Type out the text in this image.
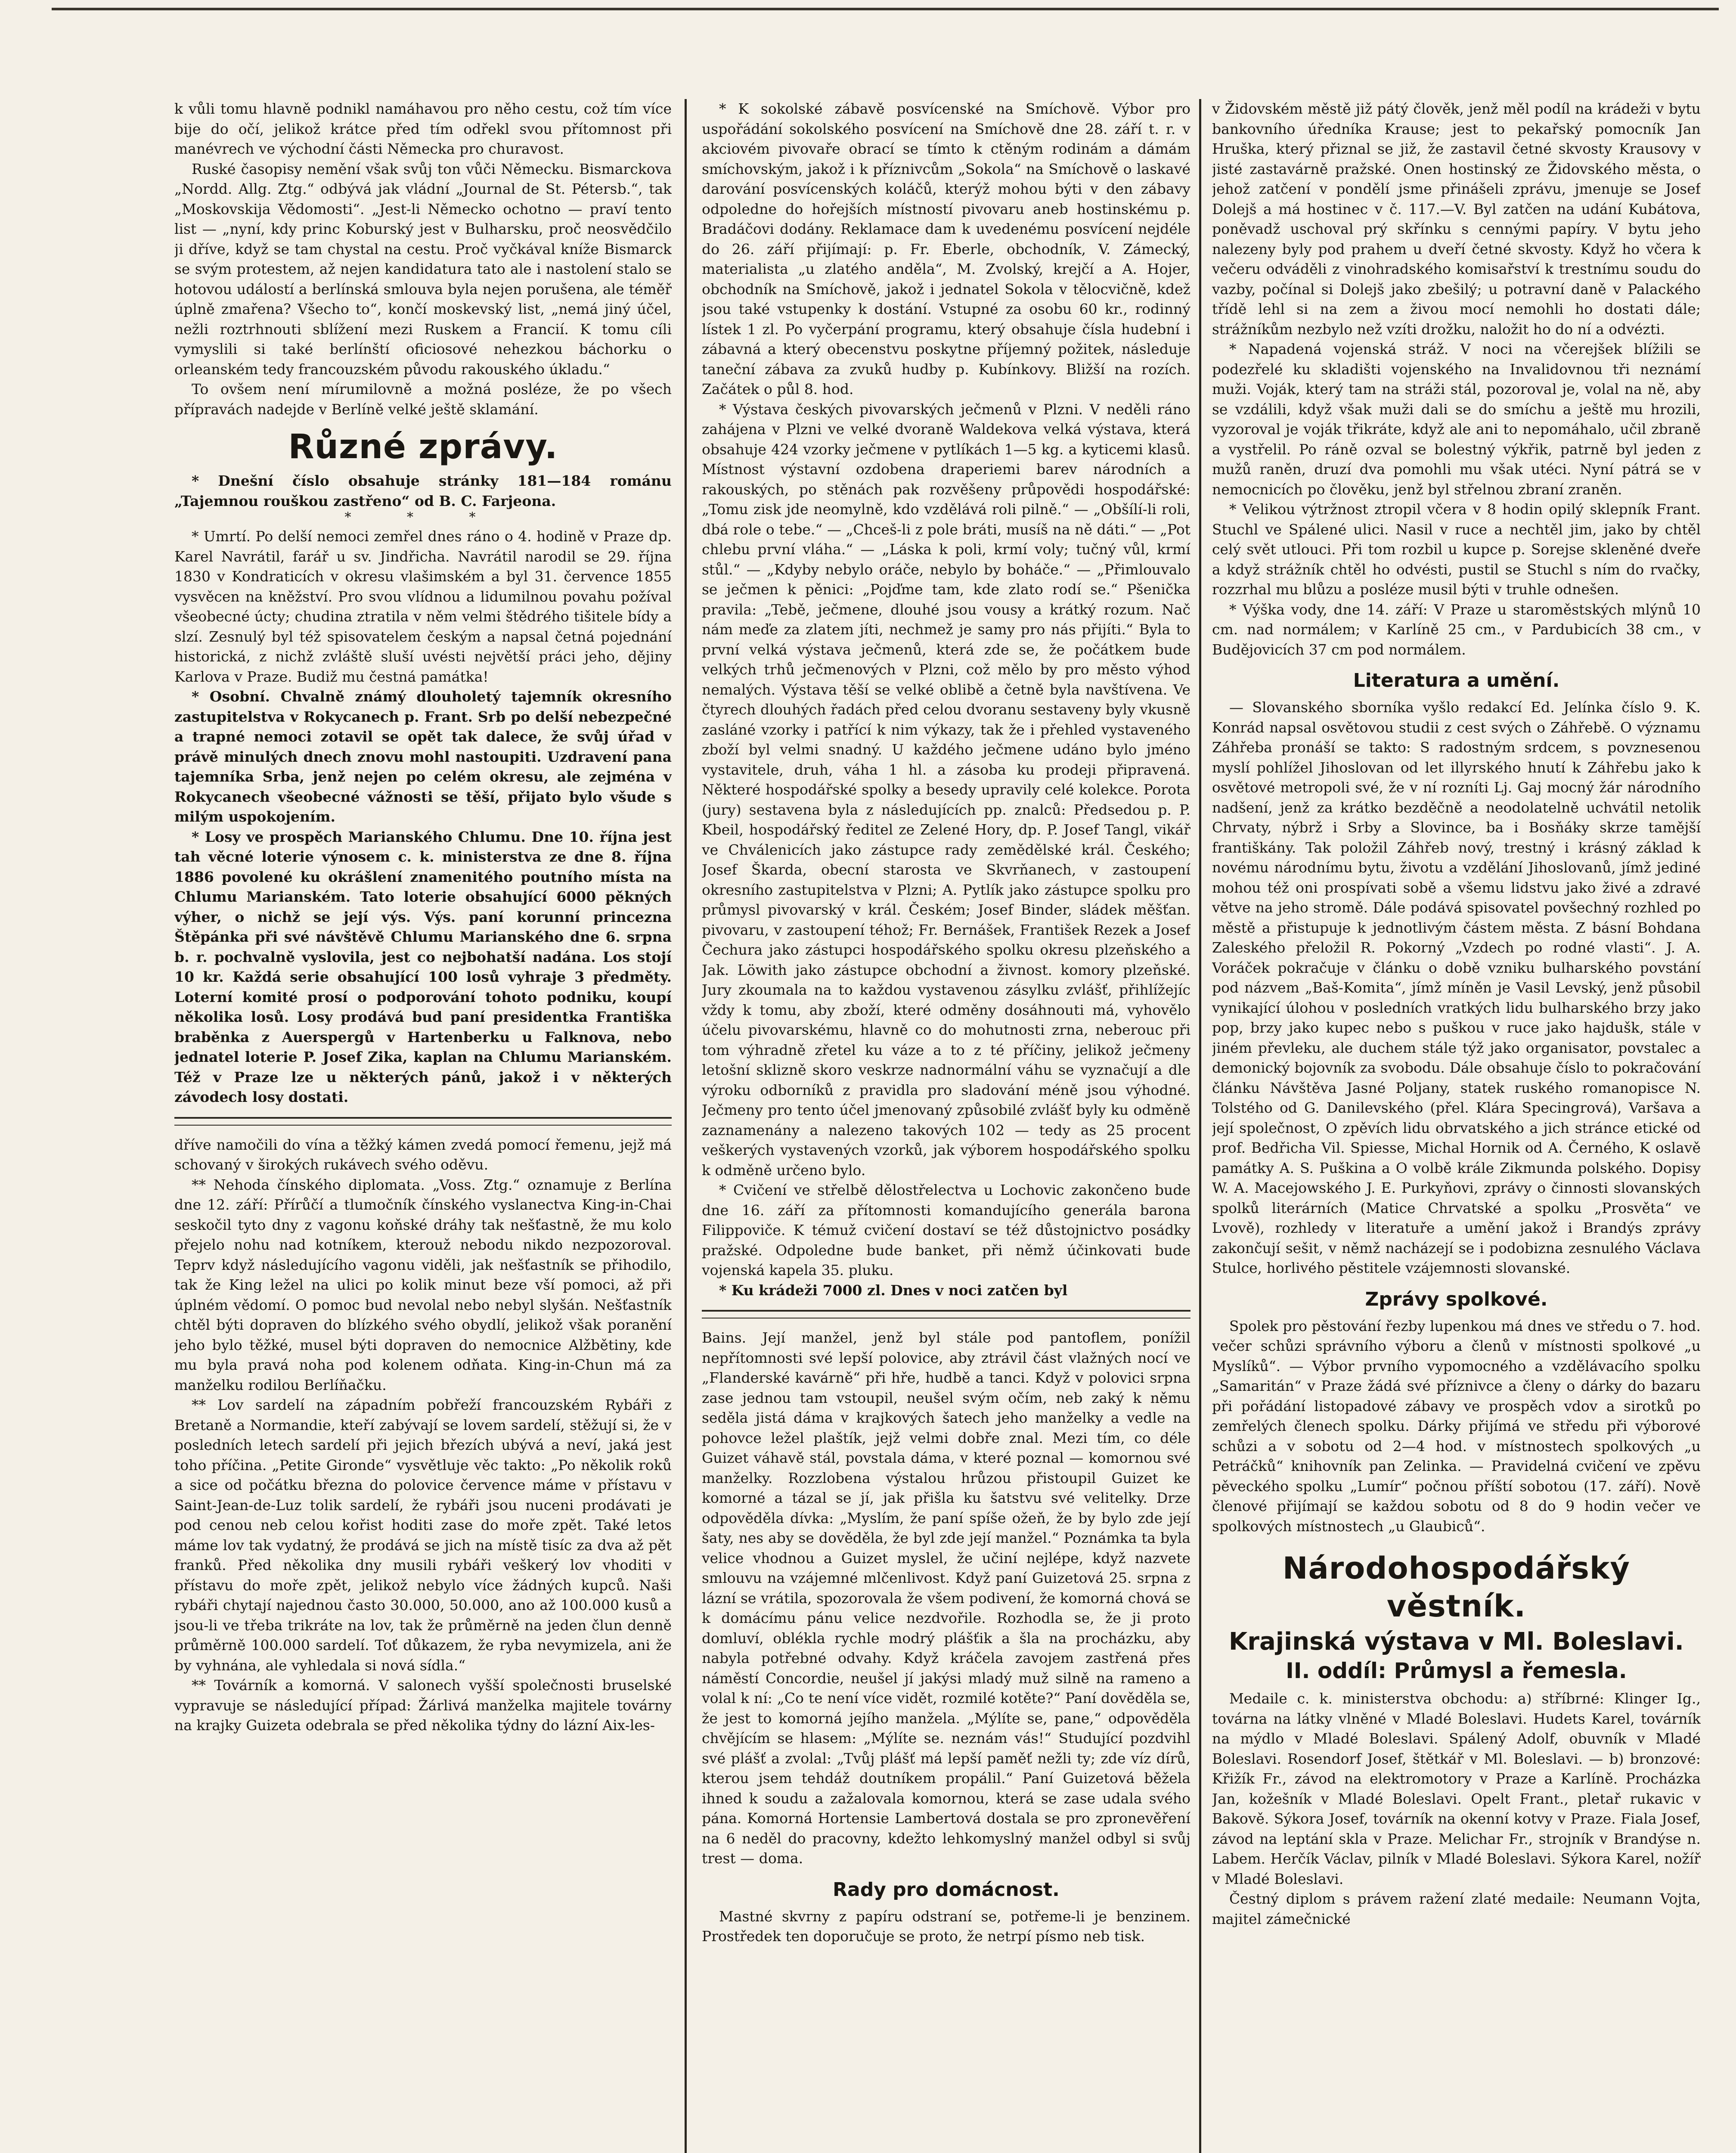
k vůli tomu hlavně podnikl namáhavou pro něho cestu, což tím více bije do očí, jelikož krátce před tím odřekl svou přítomnost při manévrech ve východní části Německa pro churavost.

Ruské časopisy nemění však svůj ton vůči Německu. Bismarckova „Nordd. Allg. Ztg.“ odbývá jak vládní „Journal de St. Pétersb.“, tak „Moskovskija Vědomosti“. „Jest-li Německo ochotno — praví tento list — „nyní, kdy princ Koburský jest v Bulharsku, proč neosvědčilo ji dříve, když se tam chystal na cestu. Proč vyčkával kníže Bismarck se svým protestem, až nejen kandidatura tato ale i nastolení stalo se hotovou událostí a berlínská smlouva byla nejen porušena, ale téměř úplně zmařena? Všecho to“, končí moskevský list, „nemá jiný účel, nežli roztrhnouti sblížení mezi Ruskem a Francií. K tomu cíli vymyslili si také berlínští oficiosové nehezkou báchorku o orleanském tedy francouzském původu rakouského úkladu.“

To ovšem není mírumilovně a možná posléze, že po všech přípravách nadejde v Berlíně velké ještě sklamání.

Různé zprávy.

* Dnešní číslo obsahuje stránky 181—184 románu „Tajemnou rouškou zastřeno“ od B. C. Farjeona.

* * *

* Umrtí. Po delší nemoci zemřel dnes ráno o 4. hodině v Praze dp. Karel Navrátil, farář u sv. Jindřicha. Navrátil narodil se 29. října 1830 v Kondraticích v okresu vlašimském a byl 31. července 1855 vysvěcen na kněžství. Pro svou vlídnou a lidumilnou povahu požíval všeobecné úcty; chudina ztratila v něm velmi štědrého tišitele bídy a slzí. Zesnulý byl též spisovatelem českým a napsal četná pojednání historická, z nichž zvláště sluší uvésti největší práci jeho, dějiny Karlova v Praze. Budiž mu čestná památka!

* Osobní. Chvalně známý dlouholetý tajemník okresního zastupitelstva v Rokycanech p. Frant. Srb po delší nebezpečné a trapné nemoci zotavil se opět tak dalece, že svůj úřad v právě minulých dnech znovu mohl nastoupiti. Uzdravení pana tajemníka Srba, jenž nejen po celém okresu, ale zejména v Rokycanech všeobecné vážnosti se těší, přijato bylo všude s milým uspokojením.

* Losy ve prospěch Marianského Chlumu. Dne 10. října jest tah věcné loterie výnosem c. k. ministerstva ze dne 8. října 1886 povolené ku okrášlení znamenitého poutního místa na Chlumu Marianském. Tato loterie obsahující 6000 pěkných výher, o nichž se její výs. Výs. paní korunní princezna Štěpánka při své návštěvě Chlumu Marianského dne 6. srpna b. r. pochvalně vyslovila, jest co nejbohatší nadána. Los stojí 10 kr. Každá serie obsahující 100 losů vyhraje 3 předměty. Loterní komité prosí o podporování tohoto podniku, koupí několika losů. Losy prodává bud paní presidentka Františka braběnka z Auerspergů v Hartenberku u Falknova, nebo jednatel loterie P. Josef Zika, kaplan na Chlumu Marianském. Též v Praze lze u některých pánů, jakož i v některých závodech losy dostati.

dříve namočili do vína a těžký kámen zvedá pomocí řemenu, jejž má schovaný v širokých rukávech svého oděvu.

** Nehoda čínského diplomata. „Voss. Ztg.“ oznamuje z Berlína dne 12. září: Přírůčí a tlumočník čínského vyslanectva King-in-Chai seskočil tyto dny z vagonu koňské dráhy tak nešťastně, že mu kolo přejelo nohu nad kotníkem, kterouž nebodu nikdo nezpozoroval. Teprv když následujícího vagonu viděli, jak nešťastník se přihodilo, tak že King ležel na ulici po kolik minut beze vší pomoci, až při úplném vědomí. O pomoc bud nevolal nebo nebyl slyšán. Nešťastník chtěl býti dopraven do blízkého svého obydlí, jelikož však poranění jeho bylo těžké, musel býti dopraven do nemocnice Alžbětiny, kde mu byla pravá noha pod kolenem odňata. King-in-Chun má za manželku rodilou Berlíňačku.

** Lov sardelí na západním pobřeží francouzském Rybáři z Bretaně a Normandie, kteří zabývají se lovem sardelí, stěžují si, že v posledních letech sardelí při jejich březích ubývá a neví, jaká jest toho příčina. „Petite Gironde“ vysvětluje věc takto: „Po několik roků a sice od počátku března do polovice července máme v přístavu v Saint-Jean-de-Luz tolik sardelí, že rybáři jsou nuceni prodávati je pod cenou neb celou kořist hoditi zase do moře zpět. Také letos máme lov tak vydatný, že prodává se jich na místě tisíc za dva až pět franků. Před několika dny musili rybáři veškerý lov vhoditi v přístavu do moře zpět, jelikož nebylo více žádných kupců. Naši rybáři chytají najednou často 30.000, 50.000, ano až 100.000 kusů a jsou-li ve třeba trikráte na lov, tak že průměrně na jeden člun denně průměrně 100.000 sardelí. Toť důkazem, že ryba nevymizela, ani že by vyhnána, ale vyhledala si nová sídla.“

** Továrník a komorná. V salonech vyšší společnosti bruselské vypravuje se následující případ: Žárlivá manželka majitele továrny na krajky Guizeta odebrala se před několika týdny do lázní Aix-les-

* K sokolské zábavě posvícenské na Smíchově. Výbor pro uspořádání sokolského posvícení na Smíchově dne 28. září t. r. v akciovém pivovaře obrací se tímto k ctěným rodinám a dámám smíchovským, jakož i k příznivcům „Sokola“ na Smíchově o laskavé darování posvícenských koláčů, kterýž mohou býti v den zábavy odpoledne do hořejších místností pivovaru aneb hostinskému p. Bradáčovi dodány. Reklamace dam k uvedenému posvícení nejdéle do 26. září přijímají: p. Fr. Eberle, obchodník, V. Zámecký, materialista „u zlatého anděla“, M. Zvolský, krejčí a A. Hojer, obchodník na Smíchově, jakož i jednatel Sokola v tělocvičně, kdež jsou také vstupenky k dostání. Vstupné za osobu 60 kr., rodinný lístek 1 zl. Po vyčerpání programu, který obsahuje čísla hudební i zábavná a který obecenstvu poskytne příjemný požitek, následuje taneční zábava za zvuků hudby p. Kubínkovy. Bližší na rozích. Začátek o půl 8. hod.

* Výstava českých pivovarských ječmenů v Plzni. V neděli ráno zahájena v Plzni ve velké dvoraně Waldekova velká výstava, která obsahuje 424 vzorky ječmene v pytlíkách 1—5 kg. a kyticemi klasů. Místnost výstavní ozdobena draperiemi barev národních a rakouských, po stěnách pak rozvěšeny průpovědi hospodářské: „Tomu zisk jde neomylně, kdo vzdělává roli pilně.“ — „Obšílí-li roli, dbá role o tebe.“ — „Chceš-li z pole bráti, musíš na ně dáti.“ — „Pot chlebu první vláha.“ — „Láska k poli, krmí voly; tučný vůl, krmí stůl.“ — „Kdyby nebylo oráče, nebylo by boháče.“ — „Přimlouvalo se ječmen k pěnici: „Pojďme tam, kde zlato rodí se.“ Pšenička pravila: „Tebě, ječmene, dlouhé jsou vousy a krátký rozum. Nač nám meďe za zlatem jíti, nechmež je samy pro nás přijíti.“ Byla to první velká výstava ječmenů, která zde se, že počátkem bude velkých trhů ječmenových v Plzni, což mělo by pro město výhod nemalých. Výstava těší se velké oblibě a četně byla navštívena. Ve čtyrech dlouhých řadách před celou dvoranu sestaveny byly vkusně zasláné vzorky i patřící k nim výkazy, tak že i přehled vystaveného zboží byl velmi snadný. U každého ječmene udáno bylo jméno vystavitele, druh, váha 1 hl. a zásoba ku prodeji připravená. Některé hospodářské spolky a besedy upravily celé kolekce. Porota (jury) sestavena byla z následujících pp. znalců: Předsedou p. P. Kbeil, hospodářský ředitel ze Zelené Hory, dp. P. Josef Tangl, vikář ve Chválenicích jako zástupce rady zemědělské král. Českého; Josef Škarda, obecní starosta ve Skvrňanech, v zastoupení okresního zastupitelstva v Plzni; A. Pytlík jako zástupce spolku pro průmysl pivovarský v král. Českém; Josef Binder, sládek měšťan. pivovaru, v zastoupení téhož; Fr. Bernášek, František Rezek a Josef Čechura jako zástupci hospodářského spolku okresu plzeňského a Jak. Löwith jako zástupce obchodní a živnost. komory plzeňské. Jury zkoumala na to každou vystavenou zásylku zvlášť, přihlížejíc vždy k tomu, aby zboží, které odměny dosáhnouti má, vyhovělo účelu pivovarskému, hlavně co do mohutnosti zrna, neberouc při tom výhradně zřetel ku váze a to z té příčiny, jelikož ječmeny letošní sklizně skoro veskrze nadnormální váhu se vyznačují a dle výroku odborníků z pravidla pro sladování méně jsou výhodné. Ječmeny pro tento účel jmenovaný způsobilé zvlášť byly ku odměně zaznamenány a nalezeno takových 102 — tedy as 25 procent veškerých vystavených vzorků, jak výborem hospodářského spolku k odměně určeno bylo.

* Cvičení ve střelbě dělostřelectva u Lochovic zakončeno bude dne 16. září za přítomnosti komandujícího generála barona Filippoviče. K témuž cvičení dostaví se též důstojnictvo posádky pražské. Odpoledne bude banket, při němž účinkovati bude vojenská kapela 35. pluku.

* Ku krádeži 7000 zl. Dnes v noci zatčen byl

Bains. Její manžel, jenž byl stále pod pantoflem, ponížil nepřítomnosti své lepší polovice, aby ztrávil část vlažných nocí ve „Flanderské kavárně“ při hře, hudbě a tanci. Když v polovici srpna zase jednou tam vstoupil, neušel svým očím, neb zaký k němu seděla jistá dáma v krajkových šatech jeho manželky a vedle na pohovce ležel plaštík, jejž velmi dobře znal. Mezi tím, co déle Guizet váhavě stál, povstala dáma, v které poznal — komornou své manželky. Rozzlobena výstalou hrůzou přistoupil Guizet ke komorné a tázal se jí, jak přišla ku šatstvu své velitelky. Drze odpověděla dívka: „Myslím, že paní spíše ožeň, že by bylo zde její šaty, nes aby se dověděla, že byl zde její manžel.“ Poznámka ta byla velice vhodnou a Guizet myslel, že učiní nejlépe, když nazvete smlouvu na vzájemné mlčenlivost. Když paní Guizetová 25. srpna z lázní se vrátila, spozorovala že všem podivení, že komorná chová se k domácímu pánu velice nezdvořile. Rozhodla se, že ji proto domluví, oblékla rychle modrý plášťik a šla na procházku, aby nabyla potřebné odvahy. Když kráčela zavojem zastřená přes náměstí Concordie, neušel jí jakýsi mladý muž silně na rameno a volal k ní: „Co te není více vidět, rozmilé kotěte?“ Paní dověděla se, že jest to komorná jejího manžela. „Mýlíte se, pane,“ odpověděla chvějícím se hlasem: „Mýlíte se. neznám vás!“ Studující pozdvihl své plášť a zvolal: „Tvůj plášť má lepší paměť nežli ty; zde víz dírů, kterou jsem tehdáž doutníkem propálil.“ Paní Guizetová běžela ihned k soudu a zažalovala komornou, která se zase udala svého pána. Komorná Hortensie Lambertová dostala se pro zpronevěření na 6 neděl do pracovny, kdežto lehkomyslný manžel odbyl si svůj trest — doma.

Rady pro domácnost.

Mastné skvrny z papíru odstraní se, potřeme-li je benzinem. Prostředek ten doporučuje se proto, že netrpí písmo neb tisk.

v Židovském městě již pátý člověk, jenž měl podíl na krádeži v bytu bankovního úředníka Krause; jest to pekařský pomocník Jan Hruška, který přiznal se již, že zastavil četné skvosty Krausovy v jisté zastavárně pražské. Onen hostinský ze Židovského města, o jehož zatčení v pondělí jsme přinášeli zprávu, jmenuje se Josef Dolejš a má hostinec v č. 117.—V. Byl zatčen na udání Kubátova, poněvadž uschoval prý skřínku s cennými papíry. V bytu jeho nalezeny byly pod prahem u dveří četné skvosty. Když ho včera k večeru odváděli z vinohradského komisařství k trestnímu soudu do vazby, počínal si Dolejš jako zbešilý; u potravní daně v Palackého třídě lehl si na zem a živou mocí nemohli ho dostati dále; strážníkům nezbylo než vzíti drožku, naložit ho do ní a odvézti.

* Napadená vojenská stráž. V noci na včerejšek blížili se podezřelé ku skladišti vojenského na Invalidovnou tři neznámí muži. Voják, který tam na stráži stál, pozoroval je, volal na ně, aby se vzdálili, když však muži dali se do smíchu a ještě mu hrozili, vyzoroval je voják třikráte, když ale ani to nepomáhalo, učil zbraně a vystřelil. Po ráně ozval se bolestný výkřik, patrně byl jeden z mužů raněn, druzí dva pomohli mu však utéci. Nyní pátrá se v nemocnicích po člověku, jenž byl střelnou zbraní zraněn.

* Velikou výtržnost ztropil včera v 8 hodin opilý sklepník Frant. Stuchl ve Spálené ulici. Nasil v ruce a nechtěl jim, jako by chtěl celý svět utlouci. Při tom rozbil u kupce p. Sorejse skleněné dveře a když strážník chtěl ho odvésti, pustil se Stuchl s ním do rvačky, rozzrhal mu blůzu a posléze musil býti v truhle odnešen.

* Výška vody, dne 14. září: V Praze u staroměstských mlýnů 10 cm. nad normálem; v Karlíně 25 cm., v Pardubicích 38 cm., v Budějovicích 37 cm pod normálem.

Literatura a umění.

— Slovanského sborníka vyšlo redakcí Ed. Jelínka číslo 9. K. Konrád napsal osvětovou studii z cest svých o Záhřebě. O významu Záhřeba pronáší se takto: S radostným srdcem, s povznesenou myslí pohlížel Jihoslovan od let illyrského hnutí k Záhřebu jako k osvětové metropoli své, že v ní rozníti Lj. Gaj mocný žár národního nadšení, jenž za krátko bezděčně a neodolatelně uchvátil netolik Chrvaty, nýbrž i Srby a Slovince, ba i Bosňáky skrze tamější františkány. Tak položil Záhřeb nový, trestný i krásný základ k novému národnímu bytu, životu a vzdělání Jihoslovanů, jímž jediné mohou též oni prospívati sobě a všemu lidstvu jako živé a zdravé větve na jeho stromě. Dále podává spisovatel povšechný rozhled po městě a přistupuje k jednotlivým částem města. Z básní Bohdana Zaleského přeložil R. Pokorný „Vzdech po rodné vlasti“. J. A. Voráček pokračuje v článku o době vzniku bulharského povstání pod názvem „Baš-Komita“, jímž míněn je Vasil Levský, jenž působil vynikající úlohou v posledních vratkých lidu bulharského brzy jako pop, brzy jako kupec nebo s puškou v ruce jako hajdušk, stále v jiném převleku, ale duchem stále týž jako organisator, povstalec a demonický bojovník za svobodu. Dále obsahuje číslo to pokračování článku Návštěva Jasné Poljany, statek ruského romanopisce N. Tolstého od G. Danilevského (přel. Klára Specingrová), Varšava a její společnost, O zpěvích lidu obrvatského a jich stránce etické od prof. Bedřicha Vil. Spiesse, Michal Hornik od A. Černého, K oslavě památky A. S. Puškina a O volbě krále Zikmunda polského. Dopisy W. A. Macejowského J. E. Purkyňovi, zprávy o činnosti slovanských spolků literárních (Matice Chrvatské a spolku „Prosvěta“ ve Lvově), rozhledy v literatuře a umění jakož i Brandýs zprávy zakončují sešit, v němž nacházejí se i podobizna zesnulého Václava Stulce, horlivého pěstitele vzájemnosti slovanské.

Zprávy spolkové.

Spolek pro pěstování řezby lupenkou má dnes ve středu o 7. hod. večer schůzi správního výboru a členů v místnosti spolkové „u Myslíků“. — Výbor prvního vypomocného a vzdělávacího spolku „Samaritán“ v Praze žádá své příznivce a členy o dárky do bazaru při pořádání listopadové zábavy ve prospěch vdov a sirotků po zemřelých členech spolku. Dárky přijímá ve středu při výborové schůzi a v sobotu od 2—4 hod. v místnostech spolkových „u Petráčků“ knihovník pan Zelinka. — Pravidelná cvičení ve zpěvu pěveckého spolku „Lumír“ počnou příští sobotou (17. září). Nově členové přijímají se každou sobotu od 8 do 9 hodin večer ve spolkových místnostech „u Glaubiců“.

Národohospodářský věstník.
Krajinská výstava v Ml. Boleslavi.
II. oddíl: Průmysl a řemesla.

Medaile c. k. ministerstva obchodu: a) stříbrné: Klinger Ig., továrna na látky vlněné v Mladé Boleslavi. Hudets Karel, továrník na mýdlo v Mladé Boleslavi. Spálený Adolf, obuvník v Mladé Boleslavi. Rosendorf Josef, štětkář v Ml. Boleslavi. — b) bronzové: Křižík Fr., závod na elektromotory v Praze a Karlíně. Procházka Jan, kožešník v Mladé Boleslavi. Opelt Frant., pletař rukavic v Bakově. Sýkora Josef, továrník na okenní kotvy v Praze. Fiala Josef, závod na leptání skla v Praze. Melichar Fr., strojník v Brandýse n. Labem. Herčík Václav, pilník v Mladé Boleslavi. Sýkora Karel, nožíř v Mladé Boleslavi.

Čestný diplom s právem ražení zlaté medaile: Neumann Vojta, majitel zámečnické
